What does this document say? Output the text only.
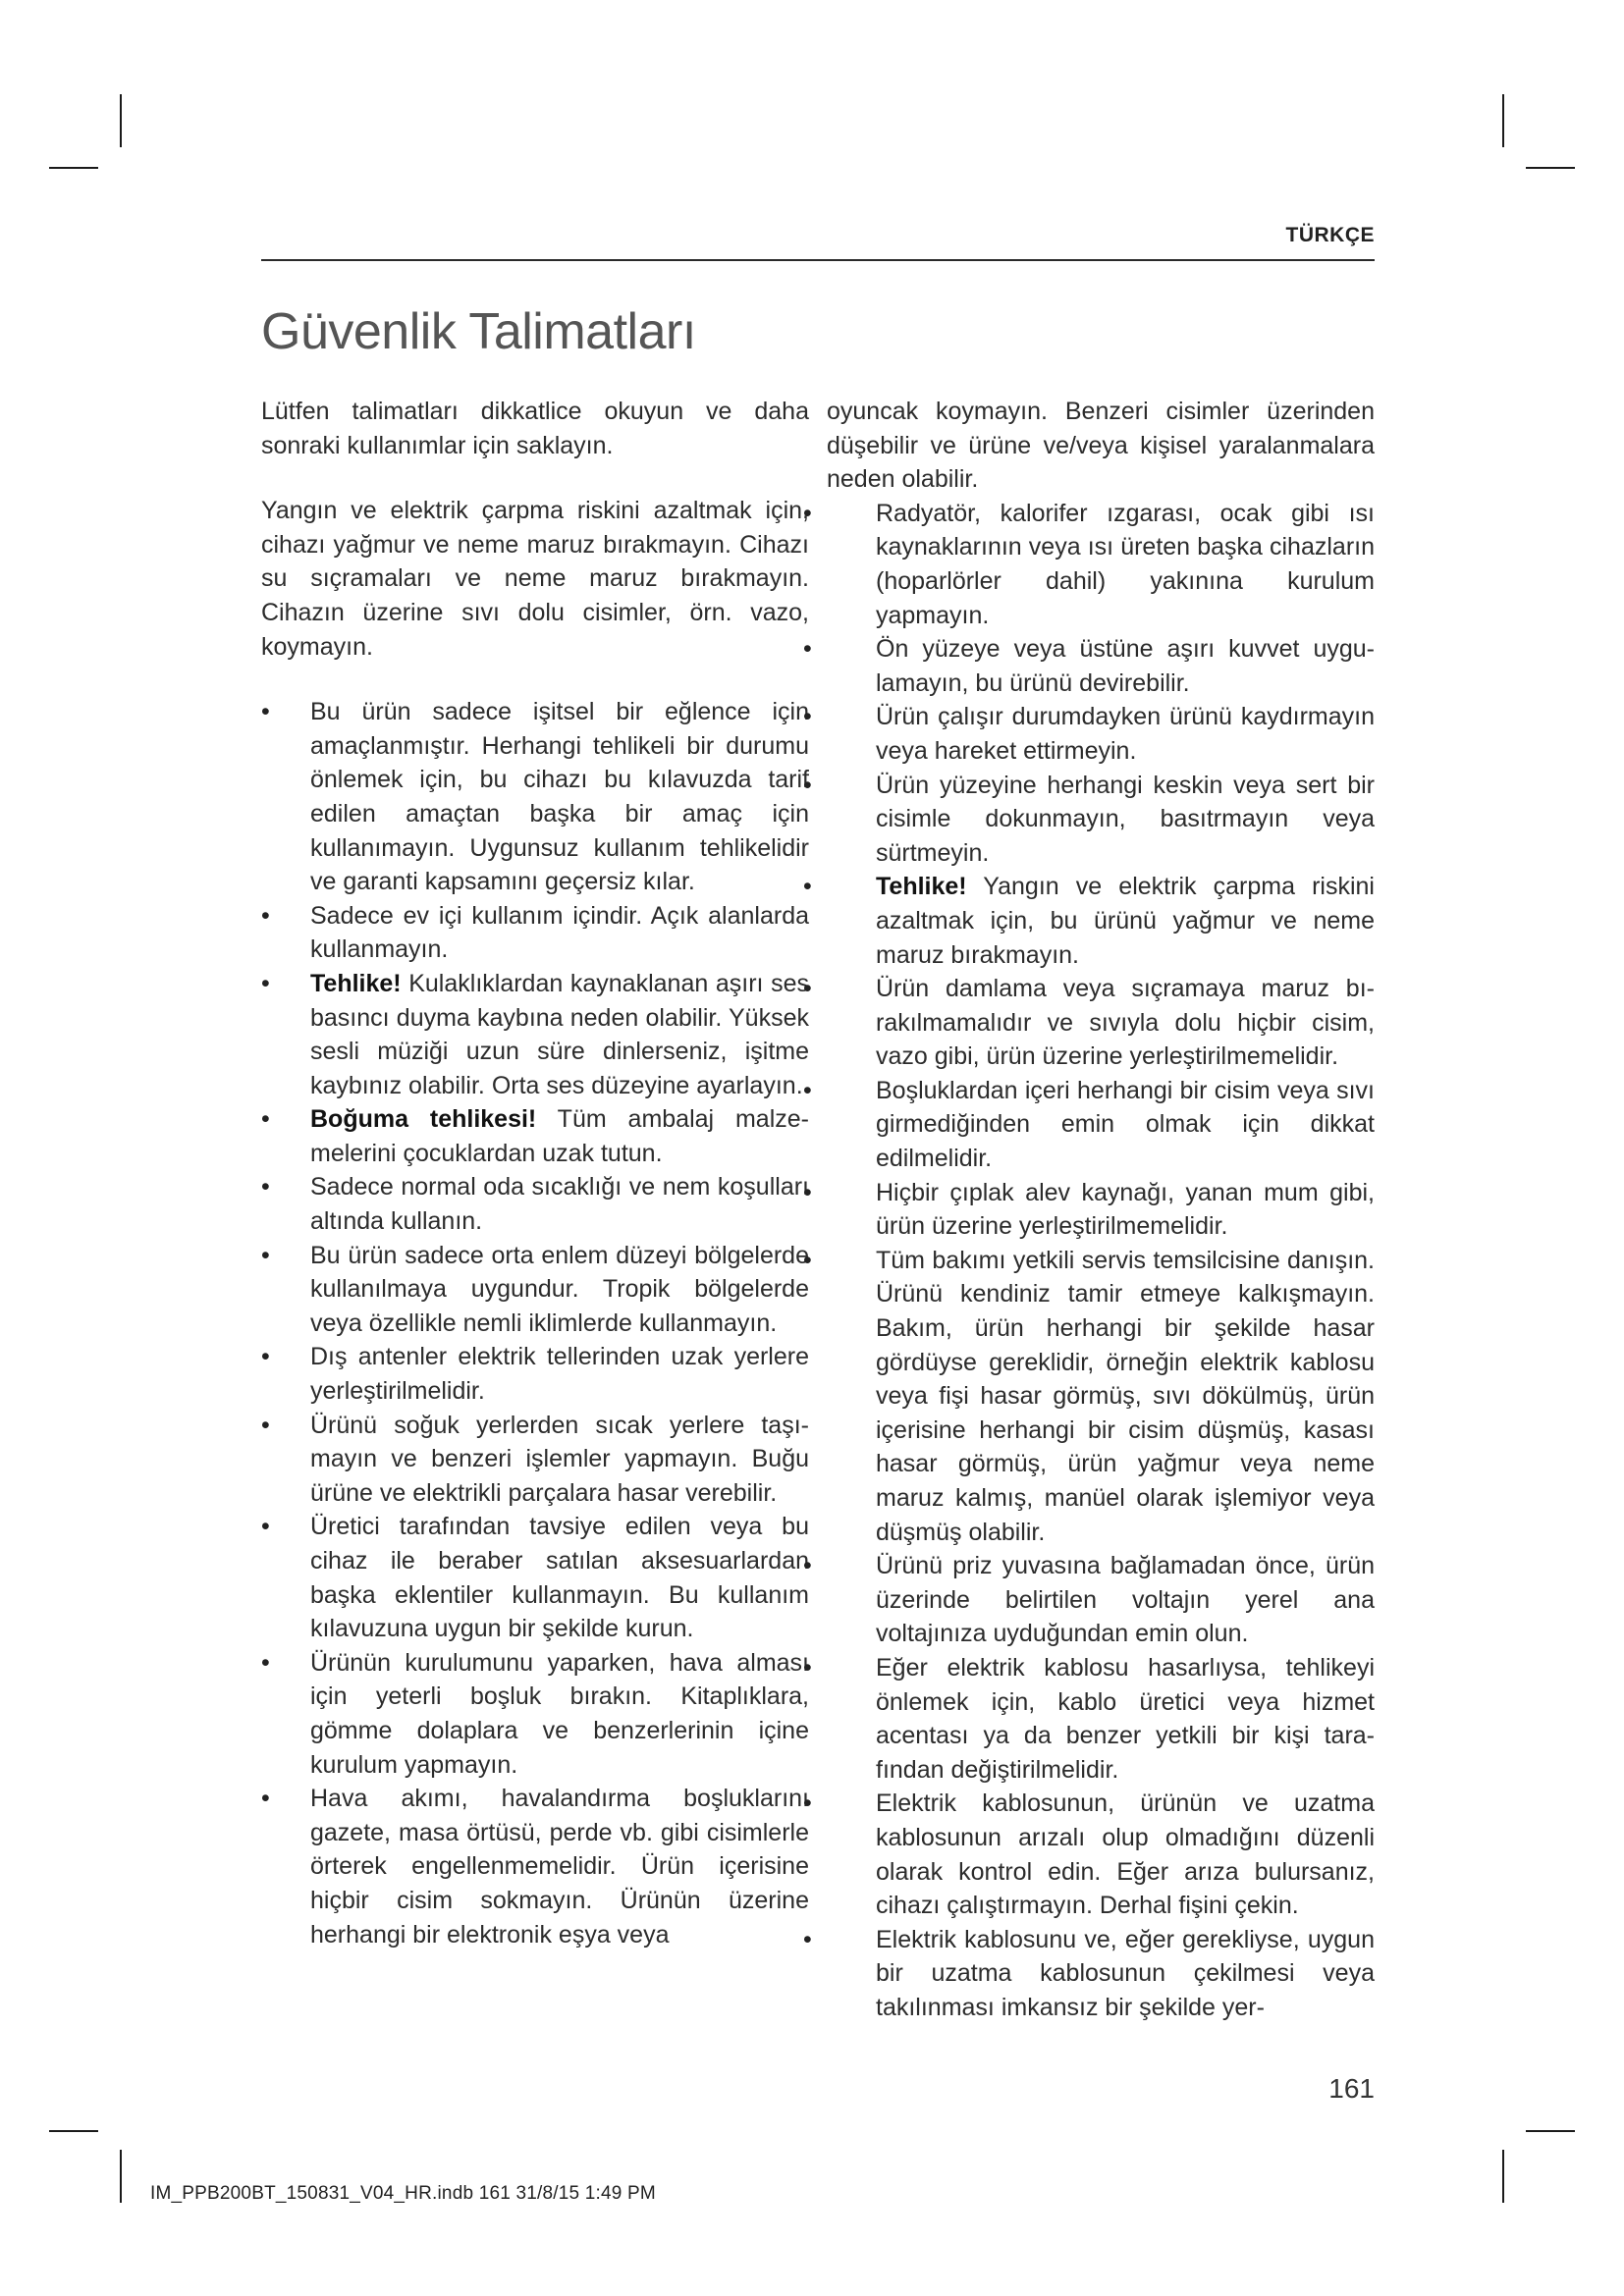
TÜRKÇE
Güvenlik Talimatları

Lütfen talimatları dikkatlice okuyun ve daha sonraki kullanımlar için saklayın.

Yangın ve elektrik çarpma riskini azaltmak için, cihazı yağmur ve neme maruz bırakmayın. Cihazı su sıçramaları ve neme maruz bırakmayın. Cihazın üzerine sıvı dolu cisimler, örn. vazo, koymayın.

• Bu ürün sadece işitsel bir eğlence için amaçlanmıştır. Herhangi tehlikeli bir durumu önlemek için, bu cihazı bu kılavuzda tarif edilen amaçtan başka bir amaç için kullanımayın. Uygunsuz kullanım tehlikelidir ve garanti kapsamını geçersiz kılar.
• Sadece ev içi kullanım içindir. Açık alanlarda kullanmayın.
• Tehlike! Kulaklıklardan kaynaklanan aşırı ses basıncı duyma kaybına neden olabilir. Yüksek sesli müziği uzun süre dinlerseniz, işitme kaybınız olabilir. Orta ses düzeyine ayarlayın.
• Boğuma tehlikesi! Tüm ambalaj malzemelerini çocuklardan uzak tutun.
• Sadece normal oda sıcaklığı ve nem koşulları altında kullanın.
• Bu ürün sadece orta enlem düzeyi bölgelerde kullanılmaya uygundur. Tropik bölgelerde veya özellikle nemli iklimlerde kullanmayın.
• Dış antenler elektrik tellerinden uzak yerlere yerleştirilmelidir.
• Ürünü soğuk yerlerden sıcak yerlere taşımayın ve benzeri işlemler yapmayın. Buğu ürüne ve elektrikli parçalara hasar verebilir.
• Üretici tarafından tavsiye edilen veya bu cihaz ile beraber satılan aksesuarlardan başka eklentiler kullanmayın. Bu kullanım kılavuzuna uygun bir şekilde kurun.
• Ürünün kurulumunu yaparken, hava alması için yeterli boşluk bırakın. Kitaplıklara, gömme dolaplara ve benzerlerinin içine kurulum yapmayın.
• Hava akımı, havalandırma boşluklarını gazete, masa örtüsü, perde vb. gibi cisimlerle örterek engellenmemelidir. Ürün içerisine hiçbir cisim sokmayın. Ürünün üzerine herhangi bir elektronik eşya veya

oyuncak koymayın. Benzeri cisimler üzerinden düşebilir ve ürüne ve/veya kişisel yaralanmalara neden olabilir.

• Radyatör, kalorifer ızgarası, ocak gibi ısı kaynaklarının veya ısı üreten başka cihazların (hoparlörler dahil) yakınına kurulum yapmayın.
• Ön yüzeye veya üstüne aşırı kuvvet uygulamayın, bu ürünü devirebilir.
• Ürün çalışır durumdayken ürünü kaydırmayın veya hareket ettirmeyin.
• Ürün yüzeyine herhangi keskin veya sert bir cisimle dokunmayın, basıtrmayın veya sürtmeyin.
• Tehlike! Yangın ve elektrik çarpma riskini azaltmak için, bu ürünü yağmur ve neme maruz bırakmayın.
• Ürün damlama veya sıçramaya maruz bırakılmamalıdır ve sıvıyla dolu hiçbir cisim, vazo gibi, ürün üzerine yerleştirilmemelidir.
• Boşluklardan içeri herhangi bir cisim veya sıvı girmediğinden emin olmak için dikkat edilmelidir.
• Hiçbir çıplak alev kaynağı, yanan mum gibi, ürün üzerine yerleştirilmemelidir.
• Tüm bakımı yetkili servis temsilcisine danışın. Ürünü kendiniz tamir etmeye kalkışmayın. Bakım, ürün herhangi bir şekilde hasar gördüyse gereklidir, örneğin elektrik kablosu veya fişi hasar görmüş, sıvı dökülmüş, ürün içerisine herhangi bir cisim düşmüş, kasası hasar görmüş, ürün yağmur veya neme maruz kalmış, manüel olarak işlemiyor veya düşmüş olabilir.
• Ürünü priz yuvasına bağlamadan önce, ürün üzerinde belirtilen voltajın yerel ana voltajınıza uyduğundan emin olun.
• Eğer elektrik kablosu hasarlıysa, tehlikeyi önlemek için, kablo üretici veya hizmet acentası ya da benzer yetkili bir kişi tarafından değiştirilmelidir.
• Elektrik kablosunun, ürünün ve uzatma kablosunun arızalı olup olmadığını düzenli olarak kontrol edin. Eğer arıza bulursanız, cihazı çalıştırmayın. Derhal fişini çekin.
• Elektrik kablosunu ve, eğer gerekliyse, uygun bir uzatma kablosunun çekilmesi veya takılınması imkansız bir şekilde yer-
161
IM_PPB200BT_150831_V04_HR.indb 161 31/8/15 1:49 PM
